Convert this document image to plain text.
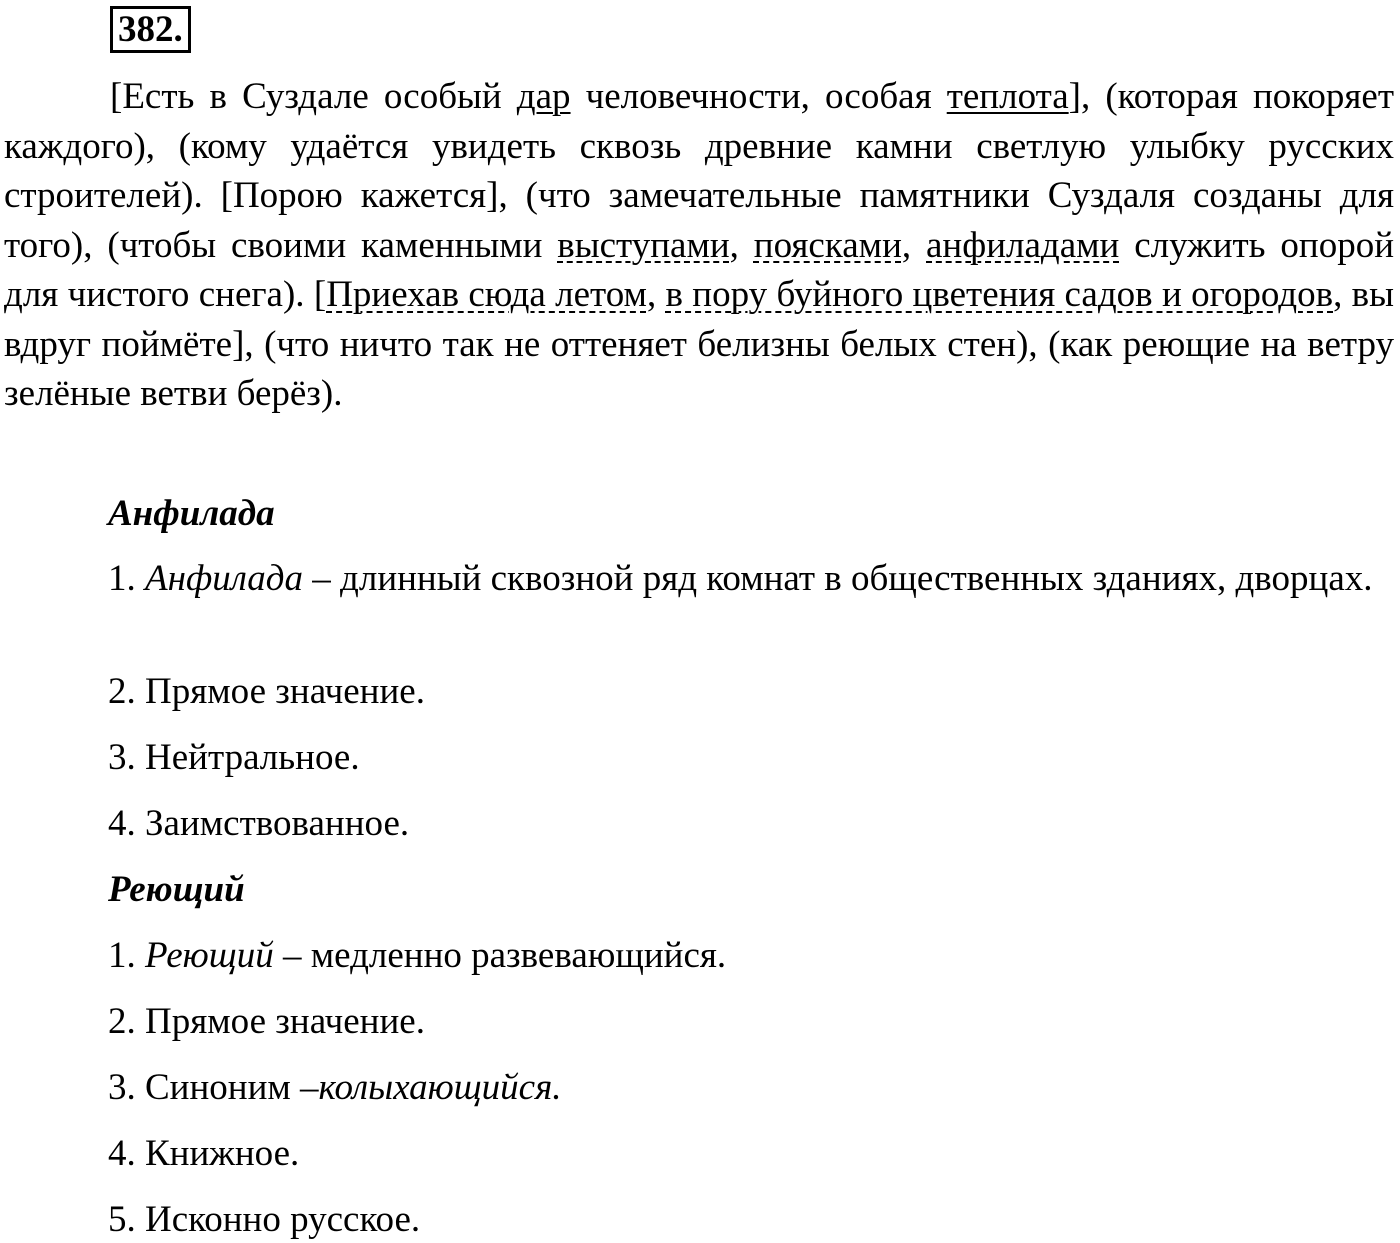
382.

[Есть в Суздале особый дар человечности, особая теплота], (которая покоряет каждого), (кому удаётся увидеть сквозь древние камни светлую улыбку русских строителей). [Порою кажется], (что замечательные памятники Суздаля созданы для того), (чтобы своими каменными выступами, поясками, анфиладами служить опорой для чистого снега). [Приехав сюда летом, в пору буйного цветения садов и огородов, вы вдруг поймёте], (что ничто так не оттеняет белизны белых стен), (как реющие на ветру зелёные ветви берёз).

Анфилада
1. Анфилада – длинный сквозной ряд комнат в общественных зданиях, дворцах.
2. Прямое значение.
3. Нейтральное.
4. Заимствованное.
Реющий
1. Реющий – медленно развевающийся.
2. Прямое значение.
3. Синоним –колыхающийся.
4. Книжное.
5. Исконно русское.
